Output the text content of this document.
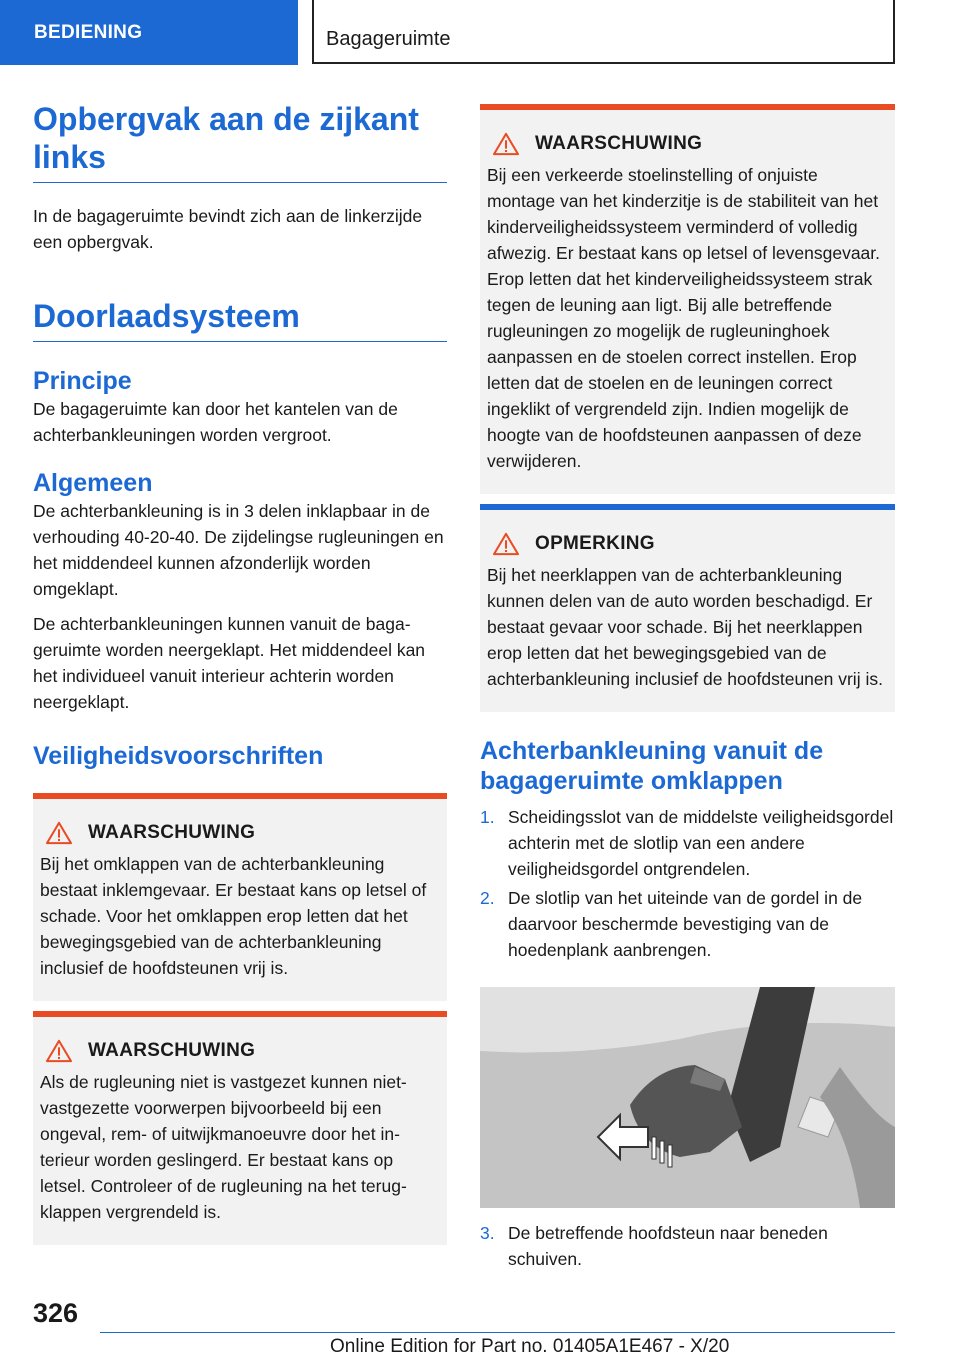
BEDIENING	Bagageruimte
Opbergvak aan de zijkant links

In de bagageruimte bevindt zich aan de linkerzijde een opbergvak.

Doorlaadsysteem
Principe

De bagageruimte kan door het kantelen van de achterbankleuningen worden vergroot.

Algemeen

De achterbankleuning is in 3 delen inklapbaar in de verhouding 40-20-40. De zijdelingse rugleuningen en het middendeel kunnen afzonderlijk worden omgeklapt.

De achterbankleuningen kunnen vanuit de bagageruimte worden neergeklapt. Het middendeel kan het individueel vanuit interieur achterin worden neergeklapt.

Veiligheidsvoorschriften
WAARSCHUWING

Bij het omklappen van de achterbankleuning bestaat inklemgevaar. Er bestaat kans op letsel of schade. Voor het omklappen erop letten dat het bewegingsgebied van de achterbankleuning inclusief de hoofdsteunen vrij is.

WAARSCHUWING

Als de rugleuning niet is vastgezet kunnen niet-vastgezette voorwerpen bijvoorbeeld bij een ongeval, rem- of uitwijkmanoeuvre door het interieur worden geslingerd. Er bestaat kans op letsel. Controleer of de rugleuning na het terugklappen vergrendeld is.

WAARSCHUWING

Bij een verkeerde stoelinstelling of onjuiste montage van het kinderzitje is de stabiliteit van het kinderveiligheidssysteem verminderd of volledig afwezig. Er bestaat kans op letsel of levensgevaar. Erop letten dat het kinderveiligheidssysteem strak tegen de leuning aan ligt. Bij alle betreffende rugleuningen zo mogelijk de rugleuninghoek aanpassen en de stoelen correct instellen. Erop letten dat de stoelen en de leuningen correct ingeklikt of vergrendeld zijn. Indien mogelijk de hoogte van de hoofdsteunen aanpassen of deze verwijderen.

OPMERKING

Bij het neerklappen van de achterbankleuning kunnen delen van de auto worden beschadigd. Er bestaat gevaar voor schade. Bij het neerklappen erop letten dat het bewegingsgebied van de achterbankleuning inclusief de hoofdsteunen vrij is.

Achterbankleuning vanuit de bagageruimte omklappen
1. Scheidingsslot van de middelste veiligheidsgordel achterin met de slotlip van een andere veiligheidsgordel ontgrendelen.
2. De slotlip van het uiteinde van de gordel in de daarvoor beschermde bevestiging van de hoedenplank aanbrengen.
3. De betreffende hoofdsteun naar beneden schuiven.
326
Online Edition for Part no. 01405A1E467 - X/20
